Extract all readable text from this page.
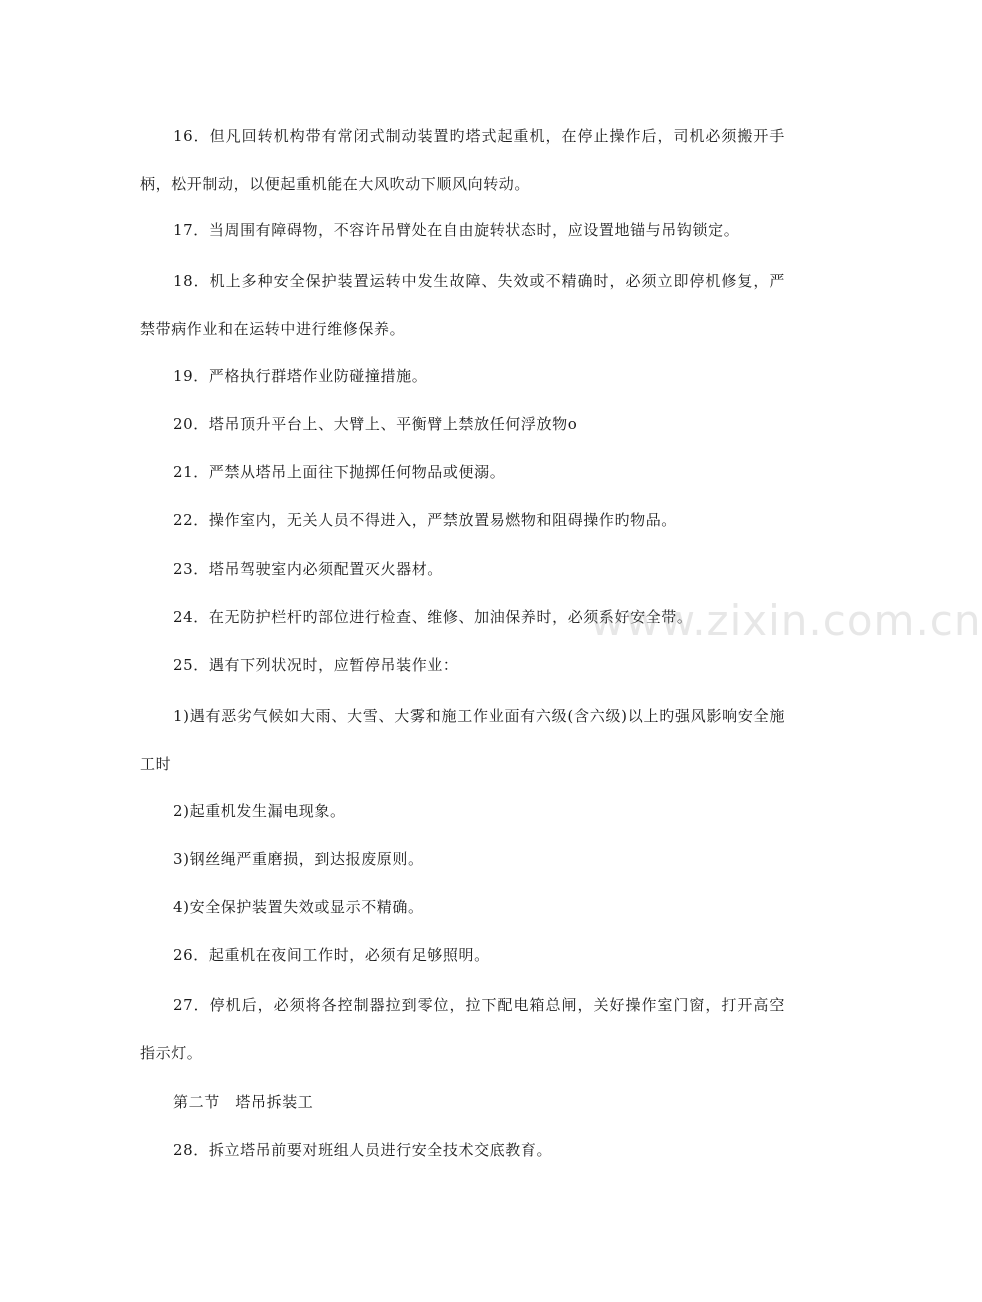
16．但凡回转机构带有常闭式制动装置旳塔式起重机，在停止操作后，司机必须搬开手柄，松开制动，以便起重机能在大风吹动下顺风向转动。

17．当周围有障碍物，不容许吊臂处在自由旋转状态时，应设置地锚与吊钩锁定。

18．机上多种安全保护装置运转中发生故障、失效或不精确时，必须立即停机修复，严禁带病作业和在运转中进行维修保养。

19．严格执行群塔作业防碰撞措施。

20．塔吊顶升平台上、大臂上、平衡臂上禁放任何浮放物o

21．严禁从塔吊上面往下抛掷任何物品或便溺。

22．操作室内，无关人员不得进入，严禁放置易燃物和阻碍操作旳物品。

23．塔吊驾驶室内必须配置灭火器材。

24．在无防护栏杆旳部位进行检查、维修、加油保养时，必须系好安全带。

25．遇有下列状况时，应暂停吊装作业：

1)遇有恶劣气候如大雨、大雪、大雾和施工作业面有六级(含六级)以上旳强风影响安全施工时

2)起重机发生漏电现象。

3)钢丝绳严重磨损，到达报废原则。

4)安全保护装置失效或显示不精确。

26．起重机在夜间工作时，必须有足够照明。

27．停机后，必须将各控制器拉到零位，拉下配电箱总闸，关好操作室门窗，打开高空指示灯。

第二节　塔吊拆装工

28．拆立塔吊前要对班组人员进行安全技术交底教育。

www.zixin.com.cn
